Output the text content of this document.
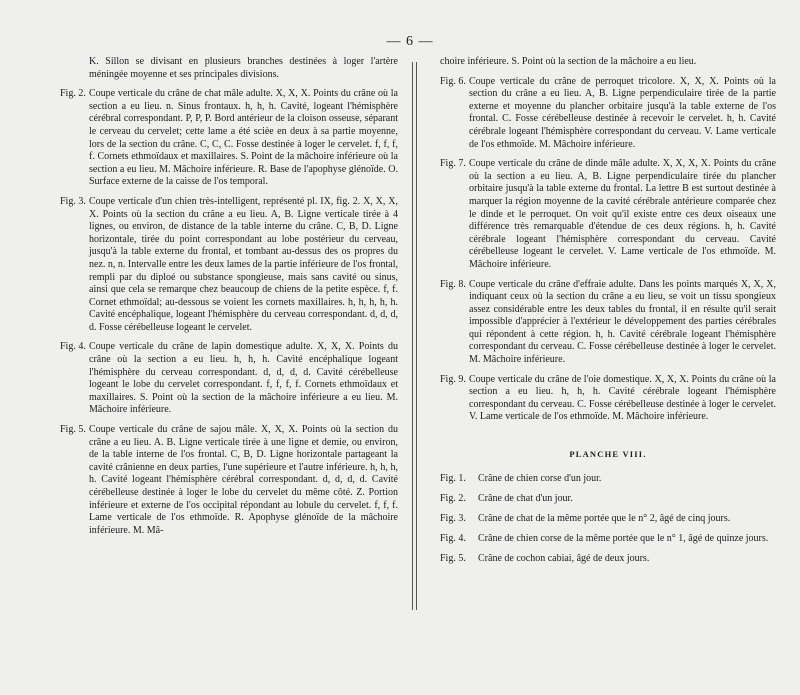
— 6 —
K. Sillon se divisant en plusieurs branches destinées à loger l'artère méningée moyenne et ses principales divisions.
Fig. 2. Coupe verticale du crâne de chat mâle adulte. X, X, X. Points du crâne où la section a eu lieu. n. Sinus frontaux. h, h, h. Cavité, logeant l'hémisphère cérébral correspondant. P, P, P. Bord antérieur de la cloison osseuse, séparant le cerveau du cervelet; cette lame a été scièe en deux à sa partie moyenne, lors de la section du crâne. C, C, C. Fosse destinée à loger le cervelet. f, f, f, f. Cornets ethmoïdaux et maxillaires. S. Point de la mâchoire inférieure où la section a eu lieu. M. Mâchoire inférieure. R. Base de l'apophyse glénoïde. O. Surface externe de la caisse de l'os temporal.
Fig. 3. Coupe verticale d'un chien très-intelligent, représenté pl. IX, fig. 2. X, X, X, X. Points où la section du crâne a eu lieu. A, B. Ligne verticale tirée à 4 lignes, ou environ, de distance de la table interne du crâne. C, B, D. Ligne horizontale, tirée du point correspondant au lobe postérieur du cerveau, jusqu'à la table externe du frontal, et tombant au-dessus des os propres du nez. n, n. Intervalle entre les deux lames de la partie inférieure de l'os frontal, rempli par du diploé ou substance spongieuse, mais sans cavité ou sinus, ainsi que cela se remarque chez beaucoup de chiens de la petite espèce. f, f. Cornet ethmoïdal; au-dessous se voient les cornets maxillaires. h, h, h, h, h. Cavité encéphalique, logeant l'hémisphère du cerveau correspondant. d, d, d, d. Fosse cérébelleuse logeant le cervelet.
Fig. 4. Coupe verticale du crâne de lapin domestique adulte. X, X, X. Points du crâne où la section a eu lieu. h, h, h. Cavité encéphalique logeant l'hémisphère du cerveau correspondant. d, d, d, d. Cavité cérébelleuse logeant le lobe du cervelet correspondant. f, f, f, f. Cornets ethmoïdaux et maxillaires. S. Point où la section de la mâchoire inférieure a eu lieu. M. Mâchoire inférieure.
Fig. 5. Coupe verticale du crâne de sajou mâle. X, X, X. Points où la section du crâne a eu lieu. A. B. Ligne verticale tirée à une ligne et demie, ou environ, de la table interne de l'os frontal. C, B, D. Ligne horizontale partageant la cavité crânienne en deux parties, l'une supérieure et l'autre inférieure. h, h, h, h. Cavité logeant l'hémisphère cérébral correspondant. d, d, d, d. Cavité cérébelleuse destinée à loger le lobe du cervelet du même côté. Z. Portion inférieure et externe de l'os occipital répondant au lobule du cervelet. f, f, f. Lame verticale de l'os ethmoïde. R. Apophyse glénoïde de la mâchoire inférieure. M. Mâ-
choire inférieure. S. Point où la section de la mâchoire a eu lieu.
Fig. 6. Coupe verticale du crâne de perroquet tricolore. X, X, X. Points où la section du crâne a eu lieu. A, B. Ligne perpendiculaire tirée de la partie externe et moyenne du plancher orbitaire jusqu'à la table externe de l'os frontal. C. Fosse cérébelleuse destinée à recevoir le cervelet. h, h. Cavité cérébrale logeant l'hémisphère correspondant du cerveau. V. Lame verticale de l'os ethmoïde. M. Mâchoire inférieure.
Fig. 7. Coupe verticale du crâne de dinde mâle adulte. X, X, X, X. Points du crâne où la section a eu lieu. A, B. Ligne perpendiculaire tirée du plancher orbitaire jusqu'à la table externe du frontal. La lettre B est surtout destinée à marquer la région moyenne de la cavité cérébrale antérieure comparée chez le dinde et le perroquet. On voit qu'il existe entre ces deux oiseaux une différence très remarquable d'étendue de ces deux régions. h, h. Cavité cérébrale logeant l'hémisphère correspondant du cerveau. Cavité cérébelleuse logeant le cervelet. V. Lame verticale de l'os ethmoïde. M. Mâchoire inférieure.
Fig. 8. Coupe verticale du crâne d'effraie adulte. Dans les points marqués X, X, X, indiquant ceux où la section du crâne a eu lieu, se voit un tissu spongieux assez considérable entre les deux tables du frontal, il en résulte qu'il serait impossible d'apprécier à l'extérieur le développement des parties cérébrales qui répondent à cette région. h, h. Cavité cérébrale logeant l'hémisphère correspondant du cerveau. C. Fosse cérébelleuse destinée à loger le cervelet. M. Mâchoire inférieure.
Fig. 9. Coupe verticale du crâne de l'oie domestique. X, X, X. Points du crâne où la section a eu lieu. h, h, h. Cavité cérébrale logeant l'hémisphère correspondant du cerveau. C. Fosse cérébelleuse destinée à loger le cervelet. V. Lame verticale de l'os ethmoïde. M. Mâchoire inférieure.
PLANCHE VIII.
Fig. 1. Crâne de chien corse d'un jour.
Fig. 2. Crâne de chat d'un jour.
Fig. 3. Crâne de chat de la même portée que le n° 2, âgé de cinq jours.
Fig. 4. Crâne de chien corse de la même portée que le n° 1, âgé de quinze jours.
Fig. 5. Crâne de cochon cabiai, âgé de deux jours.
